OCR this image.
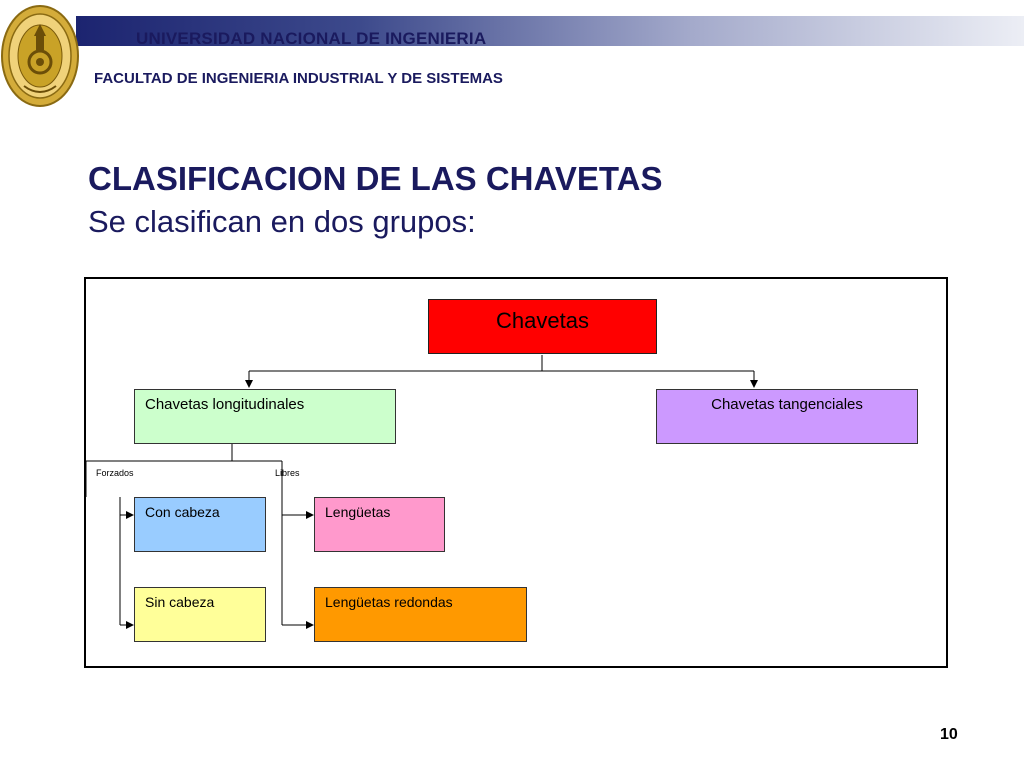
UNIVERSIDAD NACIONAL DE INGENIERIA
FACULTAD DE INGENIERIA INDUSTRIAL Y DE SISTEMAS
CLASIFICACION DE LAS CHAVETAS
Se clasifican en dos grupos:
Chavetas
Chavetas longitudinales	Chavetas tangenciales
Forzados	Libres
Con cabeza
Sin cabeza
Lengüetas
Lengüetas redondas
10
